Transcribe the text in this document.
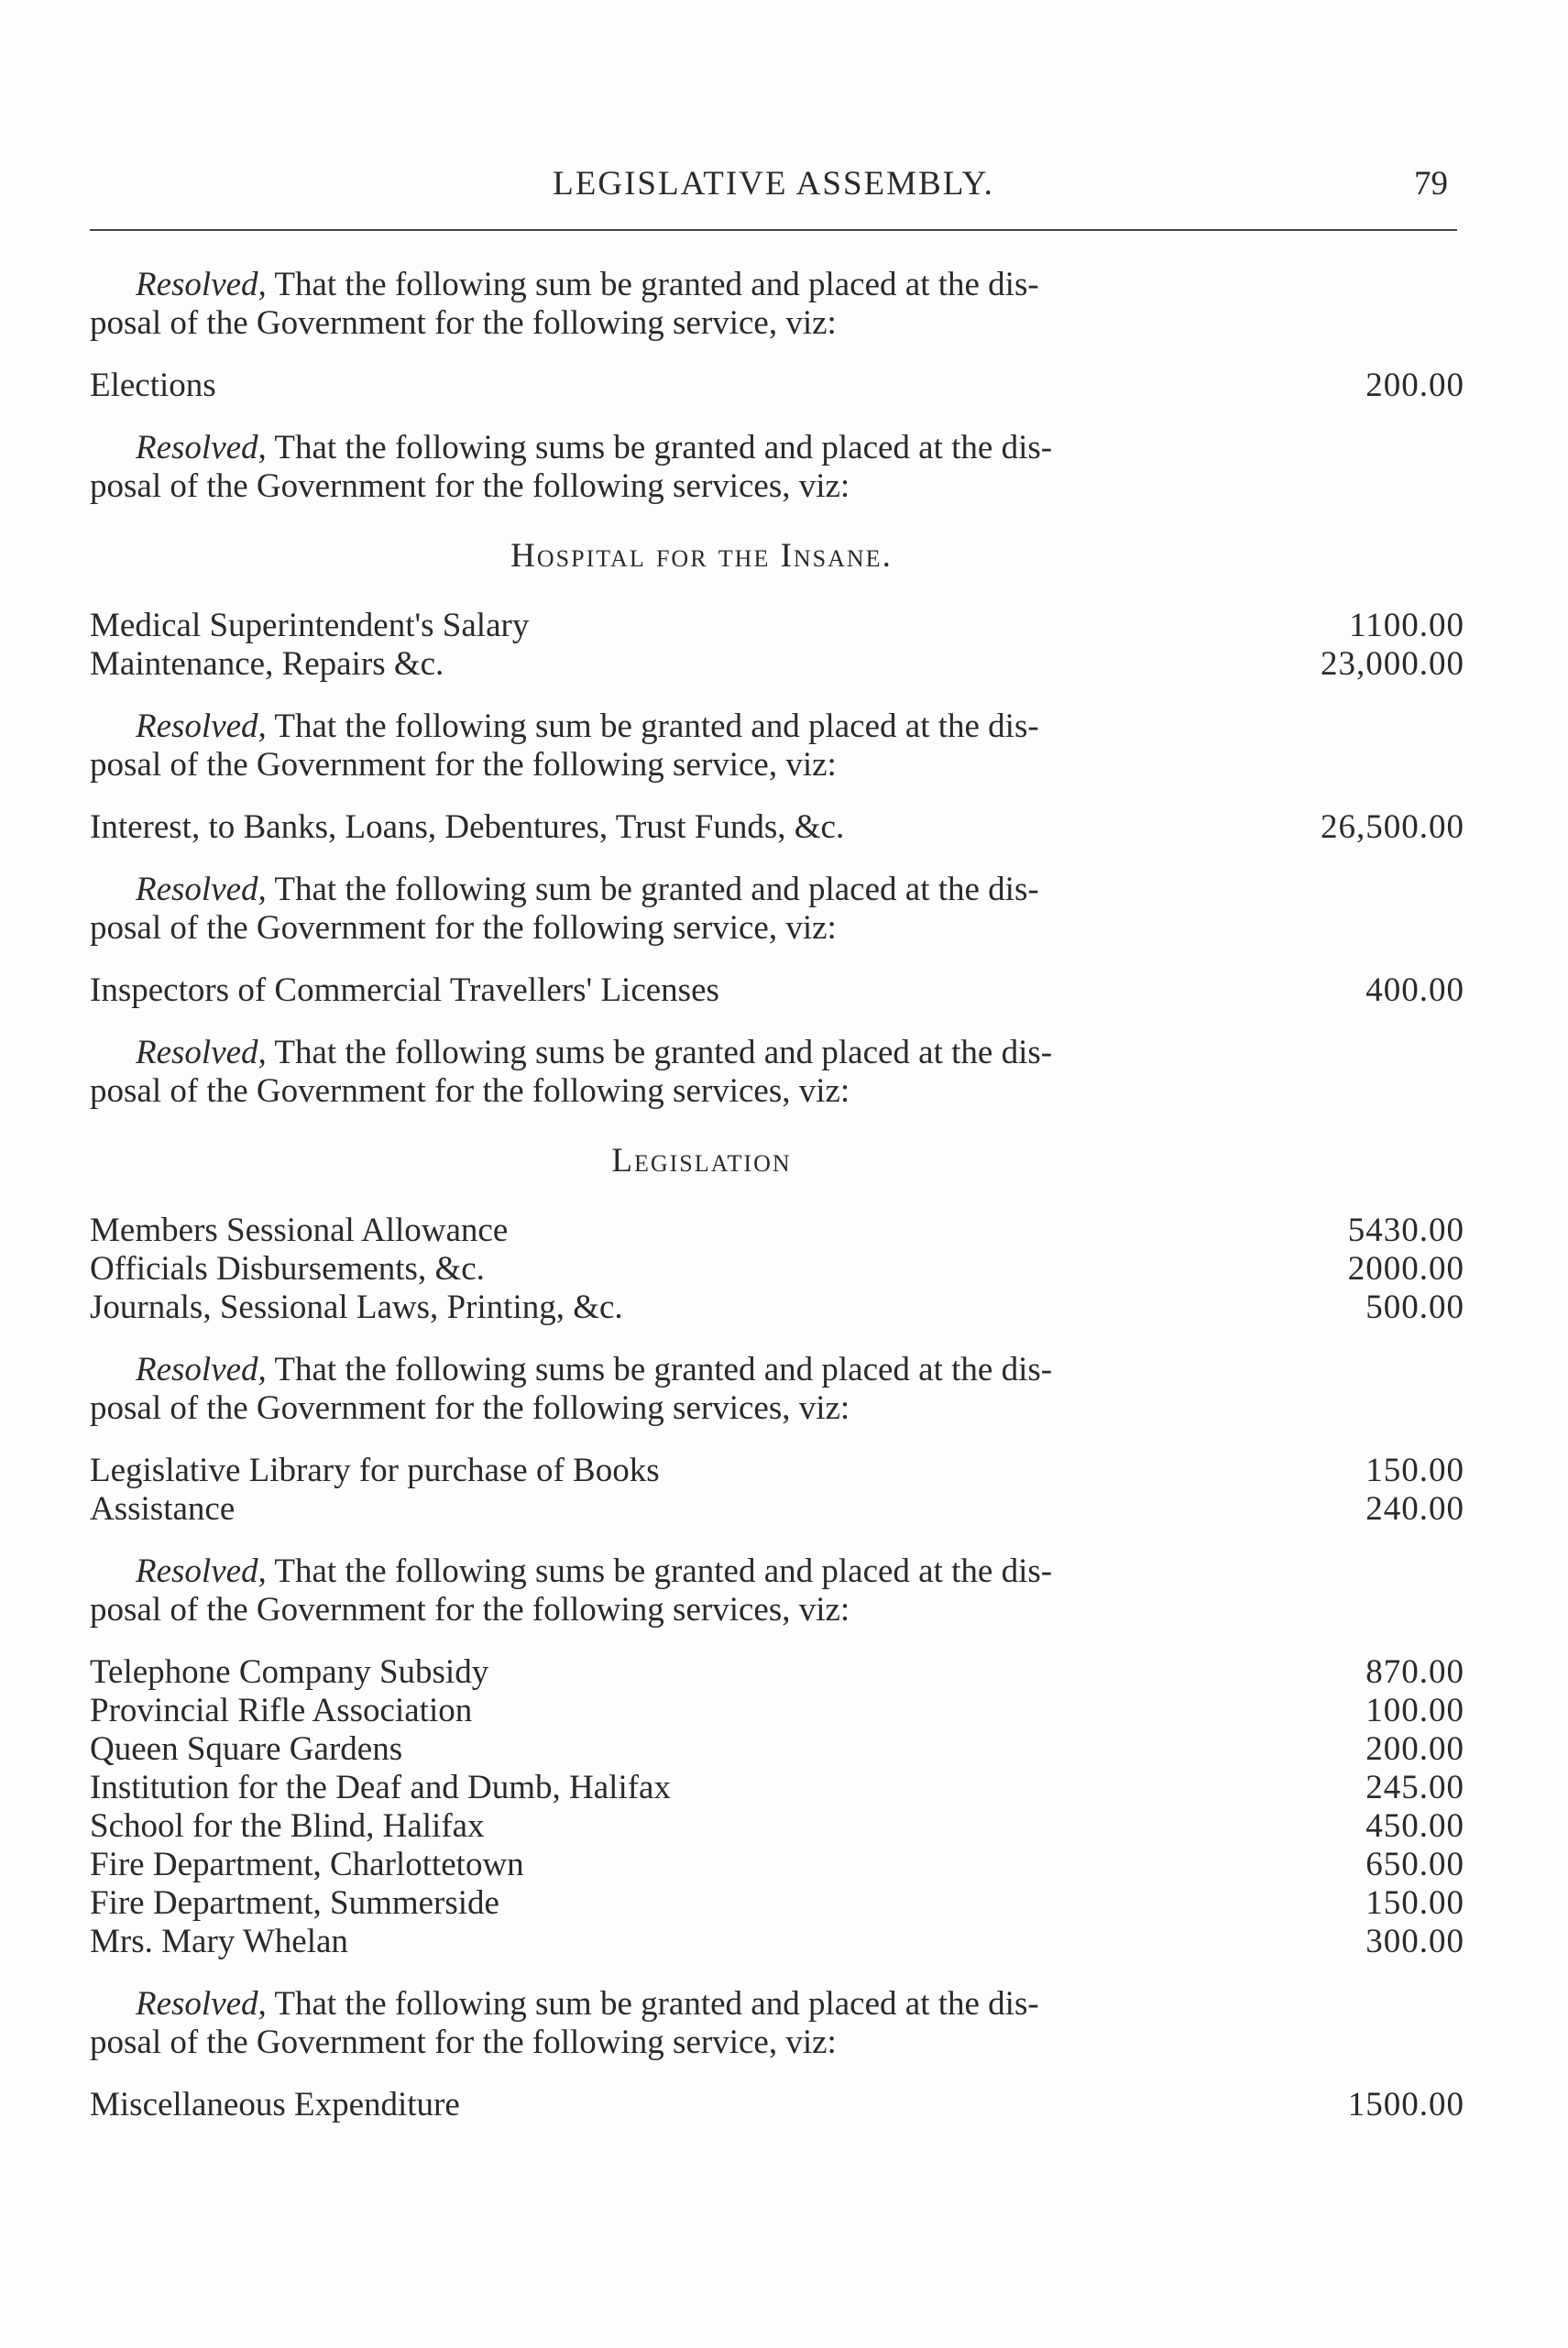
LEGISLATIVE ASSEMBLY.	79
Resolved, That the following sum be granted and placed at the dis-
posal of the Government for the following service, viz:
Elections	200.00
Resolved, That the following sums be granted and placed at the dis-
posal of the Government for the following services, viz:
Hospital for the Insane.
Medical Superintendent's Salary	1100.00
Maintenance, Repairs &c.	23,000.00
Resolved, That the following sum be granted and placed at the dis-
posal of the Government for the following service, viz:
Interest, to Banks, Loans, Debentures, Trust Funds, &c.	26,500.00
Resolved, That the following sum be granted and placed at the dis-
posal of the Government for the following service, viz:
Inspectors of Commercial Travellers' Licenses	400.00
Resolved, That the following sums be granted and placed at the dis-
posal of the Government for the following services, viz:
Legislation
Members Sessional Allowance	5430.00
Officials Disbursements, &c.	2000.00
Journals, Sessional Laws, Printing, &c.	500.00
Resolved, That the following sums be granted and placed at the dis-
posal of the Government for the following services, viz:
Legislative Library for purchase of Books	150.00
Assistance	240.00
Resolved, That the following sums be granted and placed at the dis-
posal of the Government for the following services, viz:
Telephone Company Subsidy	870.00
Provincial Rifle Association	100.00
Queen Square Gardens	200.00
Institution for the Deaf and Dumb, Halifax	245.00
School for the Blind, Halifax	450.00
Fire Department, Charlottetown	650.00
Fire Department, Summerside	150.00
Mrs. Mary Whelan	300.00
Resolved, That the following sum be granted and placed at the dis-
posal of the Government for the following service, viz:
Miscellaneous Expenditure	1500.00
